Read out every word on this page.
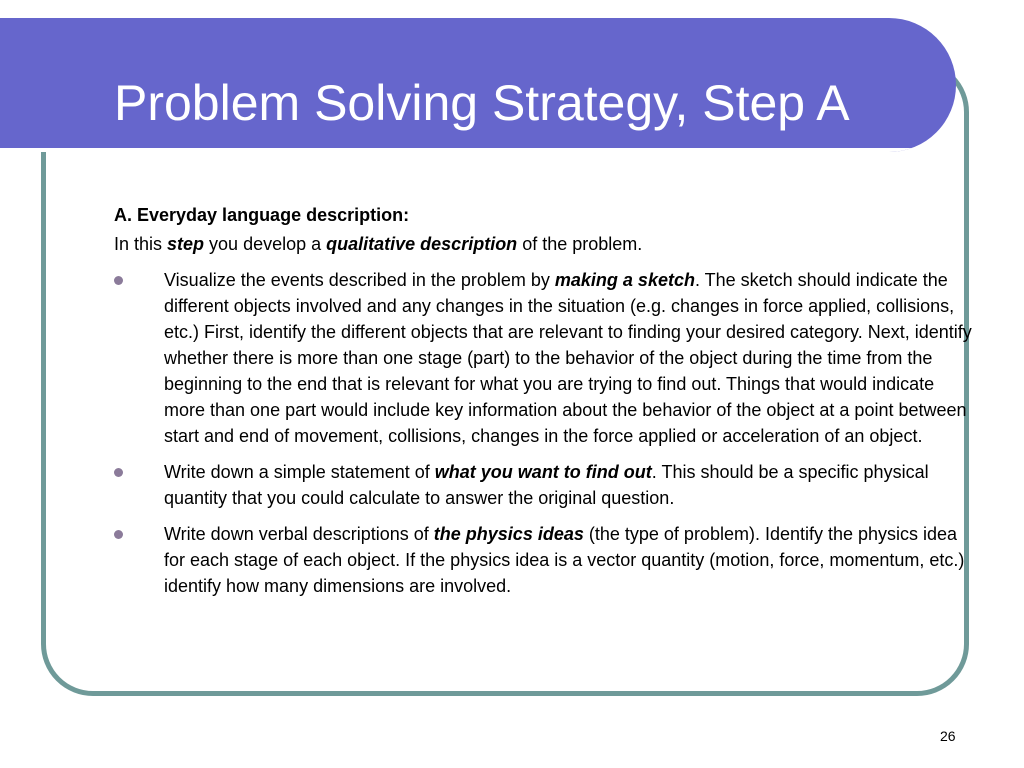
Problem Solving Strategy, Step A

A. Everyday language description:

In this step you develop a qualitative description of the problem.

Visualize the events described in the problem by making a sketch. The sketch should indicate the different objects involved and any changes in the situation (e.g. changes in force applied, collisions, etc.) First, identify the different objects that are relevant to finding your desired category. Next, identify whether there is more than one stage (part) to the behavior of the object during the time from the beginning to the end that is relevant for what you are trying to find out. Things that would indicate more than one part would include key information about the behavior of the object at a point between start and end of movement, collisions, changes in the force applied or acceleration of an object.
Write down a simple statement of what you want to find out. This should be a specific physical quantity that you could calculate to answer the original question.
Write down verbal descriptions of the physics ideas (the type of problem). Identify the physics idea for each stage of each object. If the physics idea is a vector quantity (motion, force, momentum, etc.) identify how many dimensions are involved.
26
